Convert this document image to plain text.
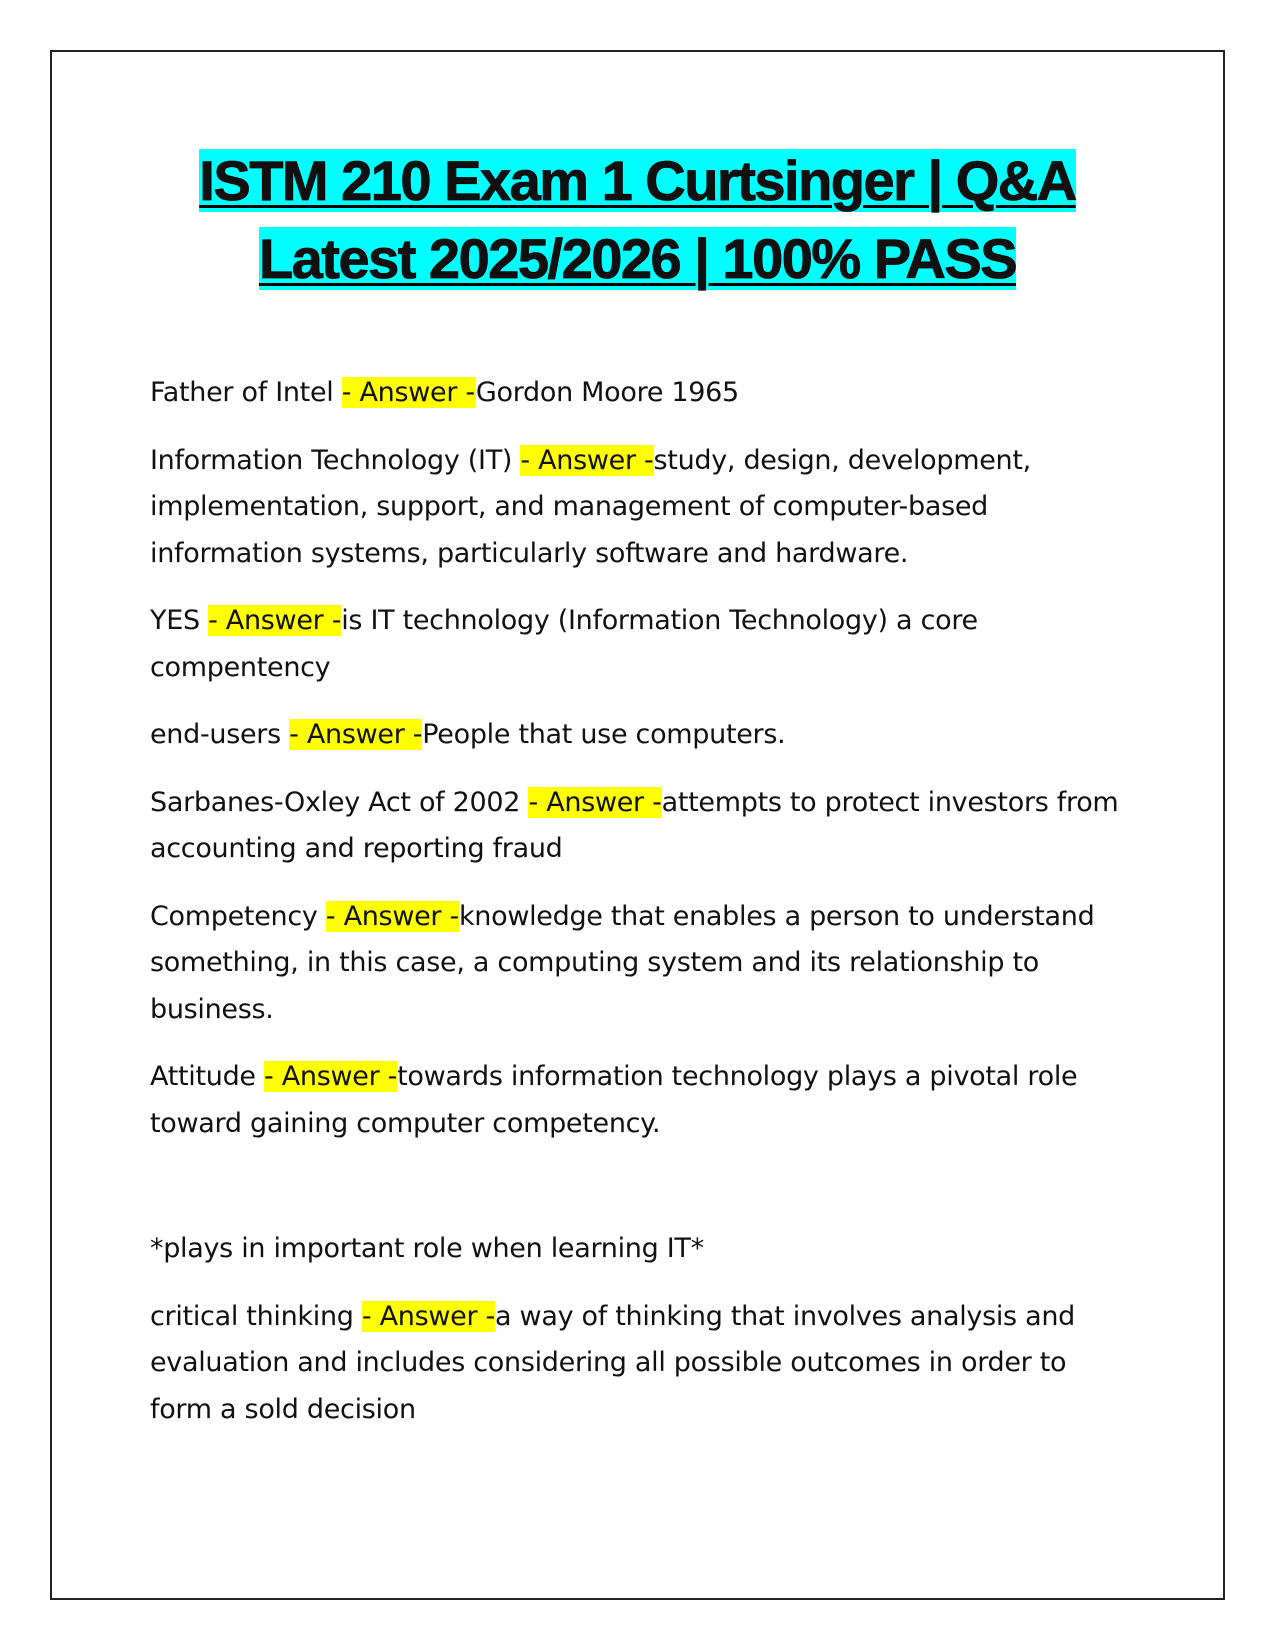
ISTM 210 Exam 1 Curtsinger | Q&A
Latest 2025/2026 | 100% PASS

Father of Intel - Answer -Gordon Moore 1965

Information Technology (IT) - Answer -study, design, development, implementation, support, and management of computer-based information systems, particularly software and hardware.

YES - Answer -is IT technology (Information Technology) a core compentency

end-users - Answer -People that use computers.

Sarbanes-Oxley Act of 2002 - Answer -attempts to protect investors from accounting and reporting fraud

Competency - Answer -knowledge that enables a person to understand something, in this case, a computing system and its relationship to business.

Attitude - Answer -towards information technology plays a pivotal role toward gaining computer competency.

*plays in important role when learning IT*

critical thinking - Answer -a way of thinking that involves analysis and evaluation and includes considering all possible outcomes in order to form a sold decision
